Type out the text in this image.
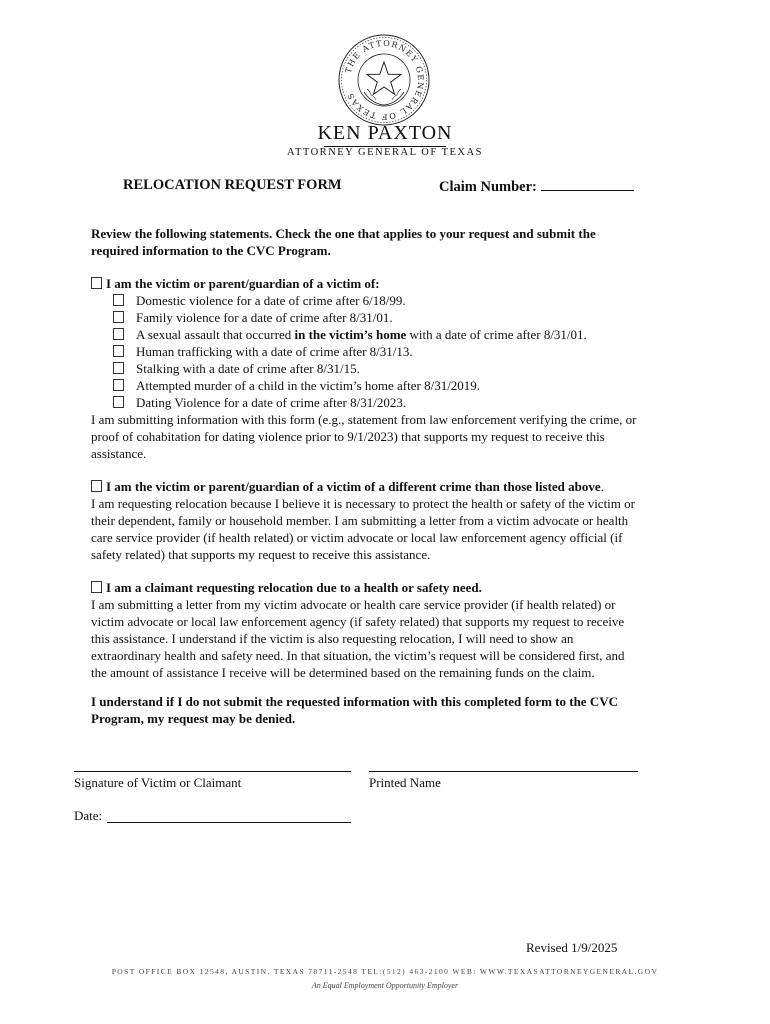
THE ATTORNEY GENERAL OF TEXAS
KEN PAXTON
ATTORNEY GENERAL OF TEXAS
RELOCATION REQUEST FORM	Claim Number:
Review the following statements. Check the one that applies to your request and submit the
required information to the CVC Program.
I am the victim or parent/guardian of a victim of:
Domestic violence for a date of crime after 6/18/99.
Family violence for a date of crime after 8/31/01.
A sexual assault that occurred in the victim’s home with a date of crime after 8/31/01.
Human trafficking with a date of crime after 8/31/13.
Stalking with a date of crime after 8/31/15.
Attempted murder of a child in the victim’s home after 8/31/2019.
Dating Violence for a date of crime after 8/31/2023.
I am submitting information with this form (e.g., statement from law enforcement verifying the crime, or
proof of cohabitation for dating violence prior to 9/1/2023) that supports my request to receive this
assistance.
I am the victim or parent/guardian of a victim of a different crime than those listed above.
I am requesting relocation because I believe it is necessary to protect the health or safety of the victim or
their dependent, family or household member. I am submitting a letter from a victim advocate or health
care service provider (if health related) or victim advocate or local law enforcement agency official (if
safety related) that supports my request to receive this assistance.
I am a claimant requesting relocation due to a health or safety need.
I am submitting a letter from my victim advocate or health care service provider (if health related) or
victim advocate or local law enforcement agency (if safety related) that supports my request to receive
this assistance. I understand if the victim is also requesting relocation, I will need to show an
extraordinary health and safety need. In that situation, the victim’s request will be considered first, and
the amount of assistance I receive will be determined based on the remaining funds on the claim.
I understand if I do not submit the requested information with this completed form to the CVC
Program, my request may be denied.
Signature of Victim or Claimant	Printed Name
Date:
Revised 1/9/2025
POST OFFICE BOX 12548, AUSTIN, TEXAS 78711-2548 TEL:(512) 463-2100 WEB: WWW.TEXASATTORNEYGENERAL.GOV
An Equal Employment Opportunity Employer
